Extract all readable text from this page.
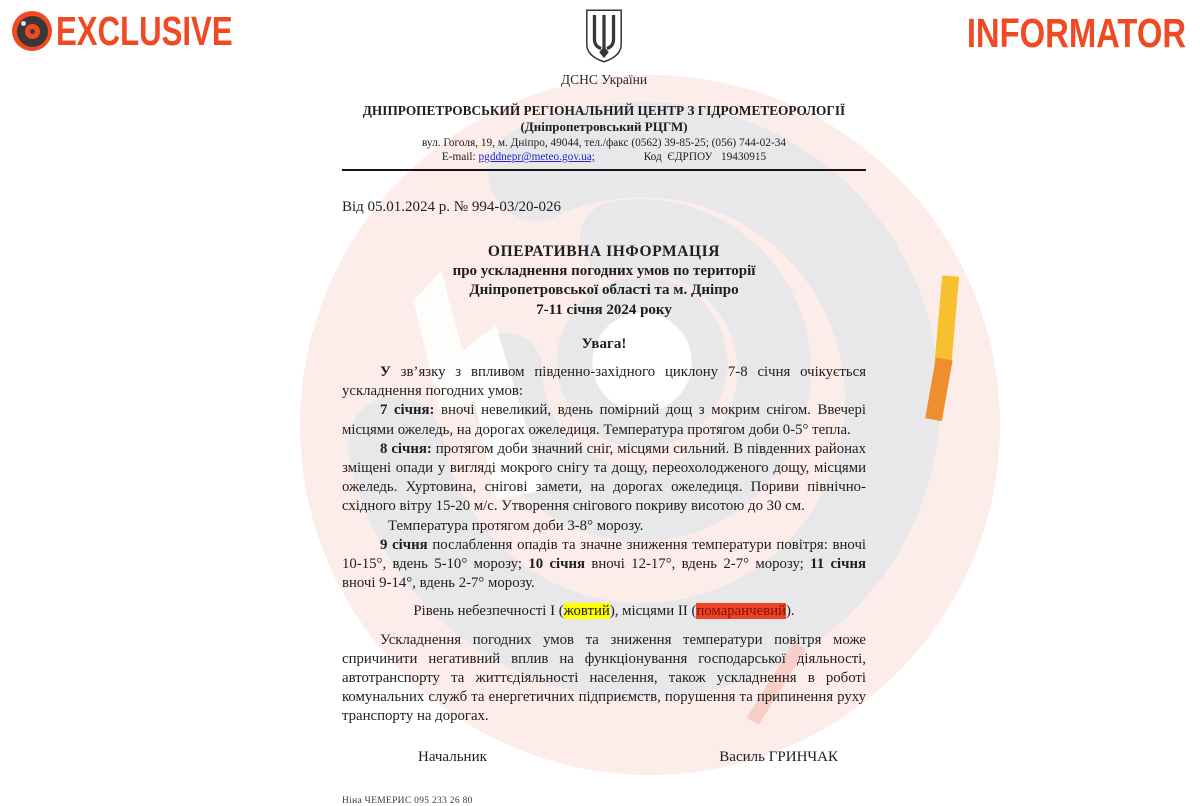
EXCLUSIVE	INFORMATOR
ДСНС України
ДНІПРОПЕТРОВСЬКИЙ РЕГІОНАЛЬНИЙ ЦЕНТР З ГІДРОМЕТЕОРОЛОГІЇ
(Дніпропетровський РЦГМ)
вул. Гоголя, 19, м. Дніпро, 49044, тел./факс (0562) 39-85-25; (056) 744-02-34
E-mail: pgddnepr@meteo.gov.ua;	Код  ЄДРПОУ   19430915
Від 05.01.2024 р. № 994-03/20-026
ОПЕРАТИВНА ІНФОРМАЦІЯ
про ускладнення погодних умов по території
Дніпропетровської області та м. Дніпро
7-11 січня 2024 року
Увага!

У зв’язку з впливом південно-західного циклону 7-8 січня очікується ускладнення погодних умов:

7 січня: вночі невеликий, вдень помірний дощ з мокрим снігом. Ввечері місцями ожеледь, на дорогах ожеледиця. Температура протягом доби 0-5° тепла.

8 січня: протягом доби значний сніг, місцями сильний. В південних районах зміщені опади у вигляді мокрого снігу та дощу, переохолодженого дощу, місцями ожеледь. Хуртовина, снігові замети, на дорогах ожеледиця. Пориви північно-східного вітру 15-20 м/с. Утворення снігового покриву висотою до 30 см.

Температура протягом доби 3-8° морозу.

9 січня послаблення опадів та значне зниження температури повітря: вночі 10-15°, вдень 5-10° морозу; 10 січня вночі 12-17°, вдень 2-7° морозу; 11 січня вночі 9-14°, вдень 2-7° морозу.

Рівень небезпечності І (жовтий), місцями ІІ (помаранчевий).

Ускладнення погодних умов та зниження температури повітря може спричинити негативний вплив на функціонування господарської діяльності, автотранспорту та життєдіяльності населення, також ускладнення в роботі комунальних служб та енергетичних підприємств, порушення та припинення руху транспорту на дорогах.

Начальник	Василь ГРИНЧАК
Ніна ЧЕМЕРИС 095 233 26 80
